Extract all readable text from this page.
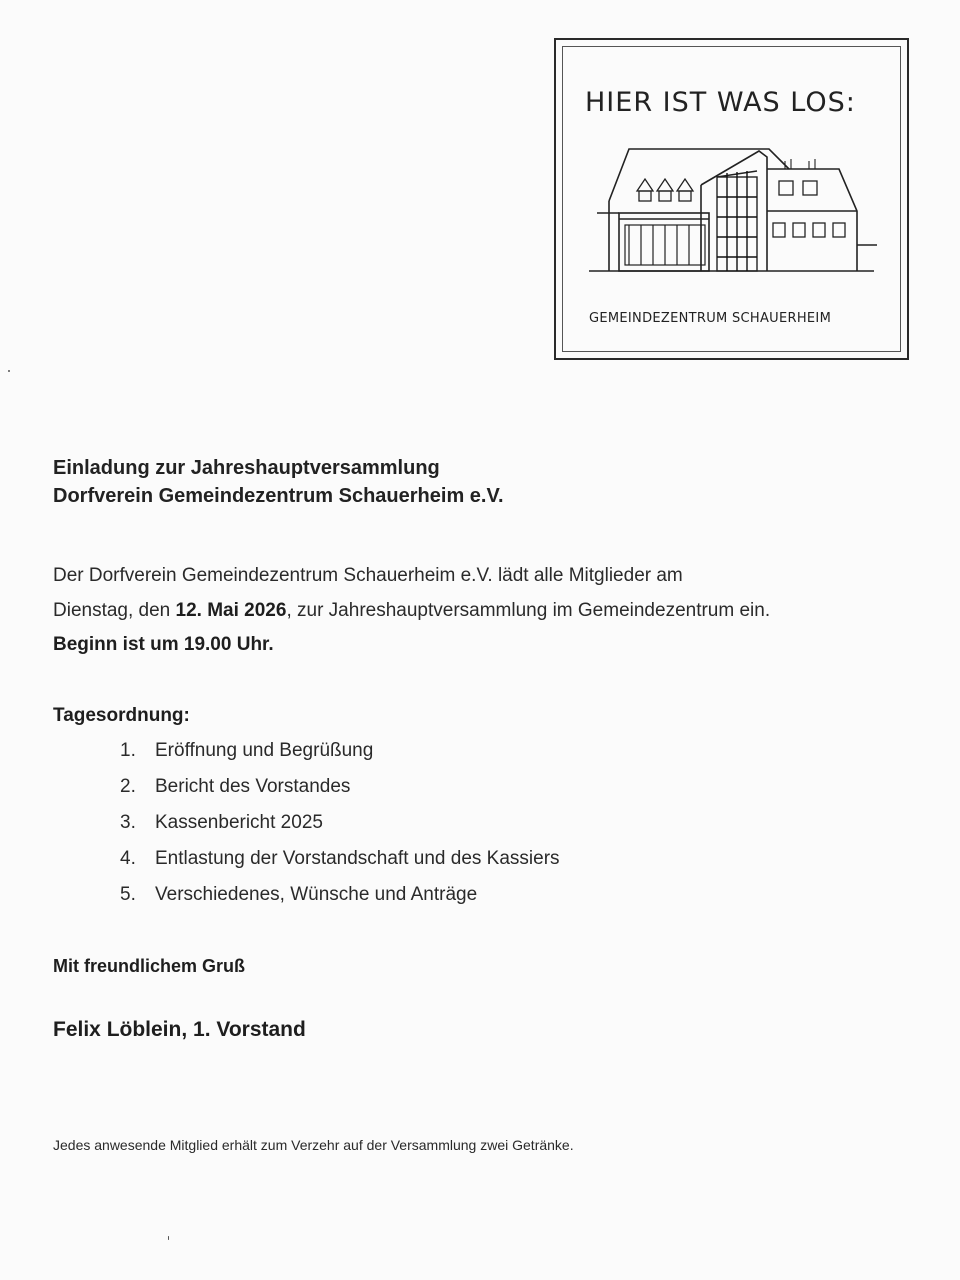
HIER IST WAS LOS:
GEMEINDEZENTRUM SCHAUERHEIM
Einladung zur Jahreshauptversammlung
Dorfverein Gemeindezentrum Schauerheim e.V.
Der Dorfverein Gemeindezentrum Schauerheim e.V. lädt alle Mitglieder am
Dienstag, den 12. Mai 2026, zur Jahreshauptversammlung im Gemeindezentrum ein.
Beginn ist um 19.00 Uhr.
Tagesordnung:
1.	Eröffnung und Begrüßung
2.	Bericht des Vorstandes
3.	Kassenbericht 2025
4.	Entlastung der Vorstandschaft und des Kassiers
5.	Verschiedenes, Wünsche und Anträge
Mit freundlichem Gruß
Felix Löblein, 1. Vorstand
Jedes anwesende Mitglied erhält zum Verzehr auf der Versammlung zwei Getränke.
